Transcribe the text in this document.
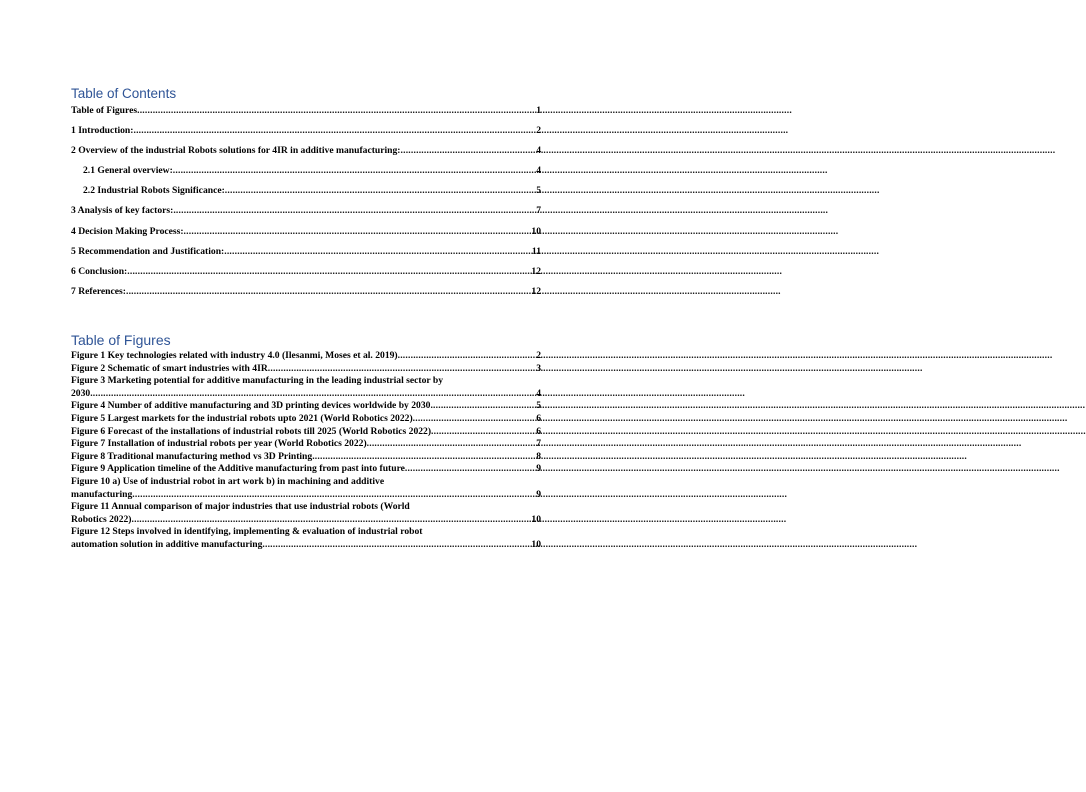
Table of Contents
Table of Figures .....	1
1 Introduction: .....	2
2 Overview of the industrial Robots solutions for 4IR in additive manufacturing: .....	4
2.1 General overview: .....	4
2.2 Industrial Robots Significance: .....	5
3 Analysis of key factors: .....	7
4 Decision Making Process: .....	10
5 Recommendation and Justification: .....	11
6 Conclusion: .....	12
7 References: .....	12
Table of Figures
Figure 1 Key technologies related with industry 4.0 (Ilesanmi, Moses et al. 2019) .....	2
Figure 2 Schematic of smart industries with 4IR .....	3
Figure 3 Marketing potential for additive manufacturing in the leading industrial sector by
2030 .....	4
Figure 4 Number of additive manufacturing and 3D printing devices worldwide by 2030 .....	5
Figure 5 Largest markets for the industrial robots upto 2021 (World Robotics 2022) .....	6
Figure 6 Forecast of the installations of industrial robots till 2025 (World Robotics 2022) .....	6
Figure 7 Installation of industrial robots per year (World Robotics 2022) .....	7
Figure 8 Traditional manufacturing method vs 3D Printing .....	8
Figure 9 Application timeline of the Additive manufacturing from past into future .....	9
Figure 10 a) Use of industrial robot in art work b) in machining and additive
manufacturing .....	9
Figure 11 Annual comparison of major industries that use industrial robots (World
Robotics 2022) .....	10
Figure 12 Steps involved in identifying, implementing & evaluation of industrial robot
automation solution in additive manufacturing .....	10
